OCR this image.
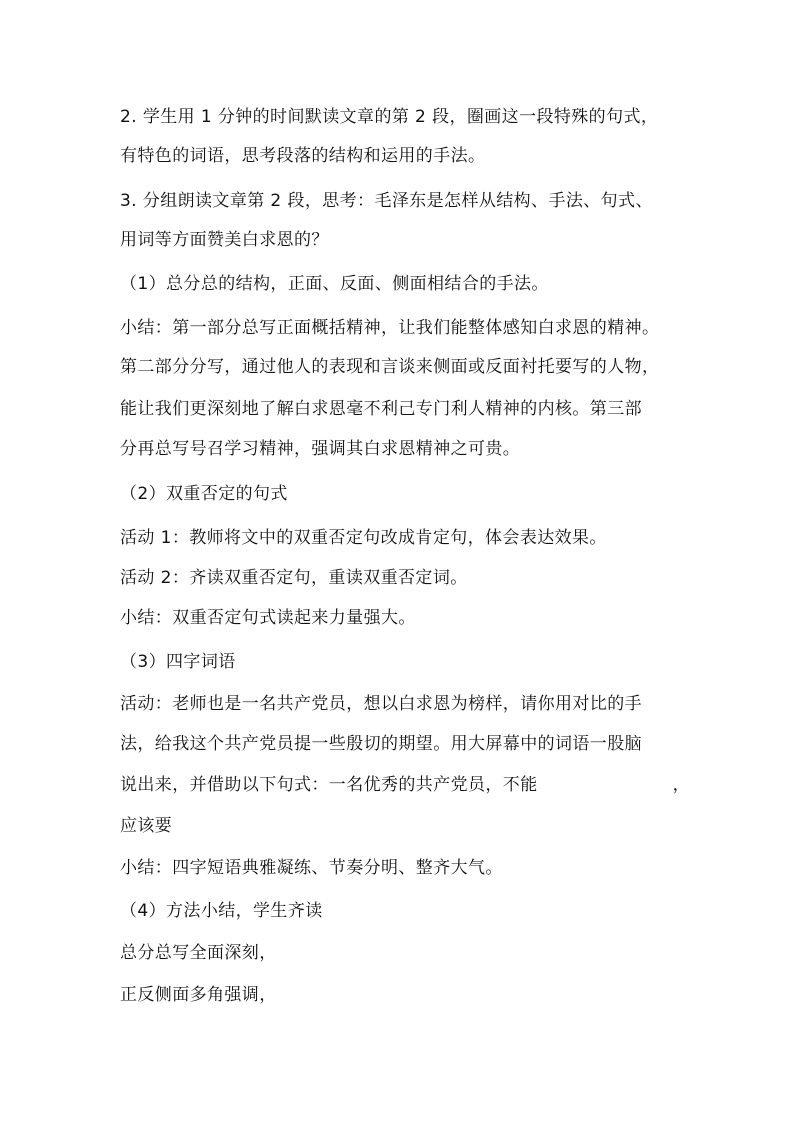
2. 学生用 1 分钟的时间默读文章的第 2 段，圈画这一段特殊的句式，
有特色的词语，思考段落的结构和运用的手法。
3. 分组朗读文章第 2 段，思考：毛泽东是怎样从结构、手法、句式、
用词等方面赞美白求恩的？
（1）总分总的结构，正面、反面、侧面相结合的手法。
小结：第一部分总写正面概括精神，让我们能整体感知白求恩的精神。
第二部分分写，通过他人的表现和言谈来侧面或反面衬托要写的人物，
能让我们更深刻地了解白求恩毫不利己专门利人精神的内核。第三部
分再总写号召学习精神，强调其白求恩精神之可贵。
（2）双重否定的句式
活动 1：教师将文中的双重否定句改成肯定句，体会表达效果。
活动 2：齐读双重否定句，重读双重否定词。
小结：双重否定句式读起来力量强大。
（3）四字词语
活动：老师也是一名共产党员，想以白求恩为榜样，请你用对比的手
法，给我这个共产党员提一些殷切的期望。用大屏幕中的词语一股脑
说出来，并借助以下句式：一名优秀的共产党员，不能	，
应该要
小结：四字短语典雅凝练、节奏分明、整齐大气。
（4）方法小结，学生齐读
总分总写全面深刻，
正反侧面多角强调，
